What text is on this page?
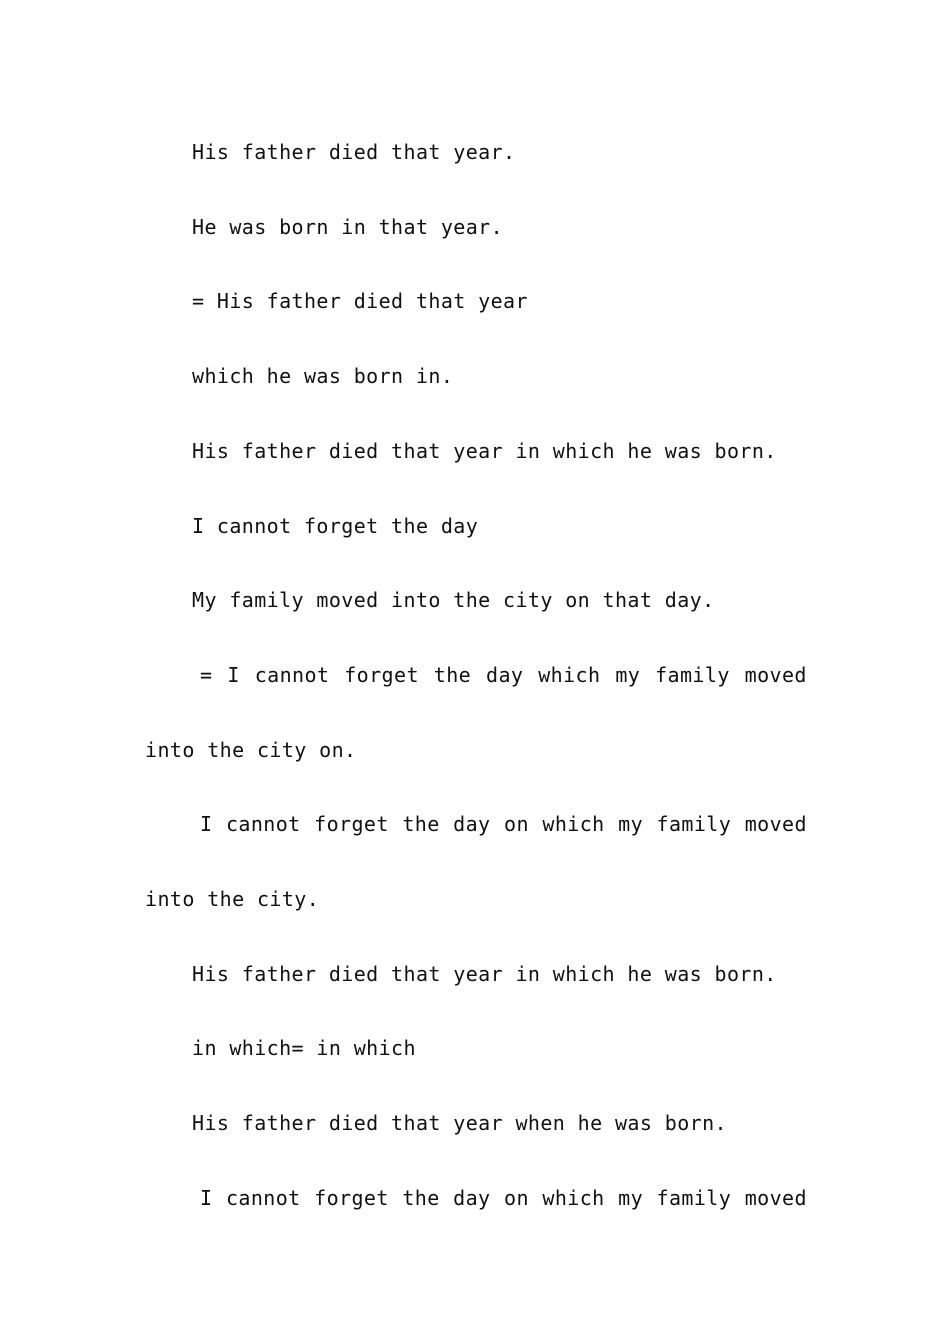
His father died that year.
He was born in that year.
= His father died that year
which he was born in.
His father died that year in which he was born.
I cannot forget the day
My family moved into the city on that day.
= I cannot forget the day which my family moved
into the city on.
I cannot forget the day on which my family moved
into the city.
His father died that year in which he was born.
in which= in which
His father died that year when he was born.
I cannot forget the day on which my family moved
